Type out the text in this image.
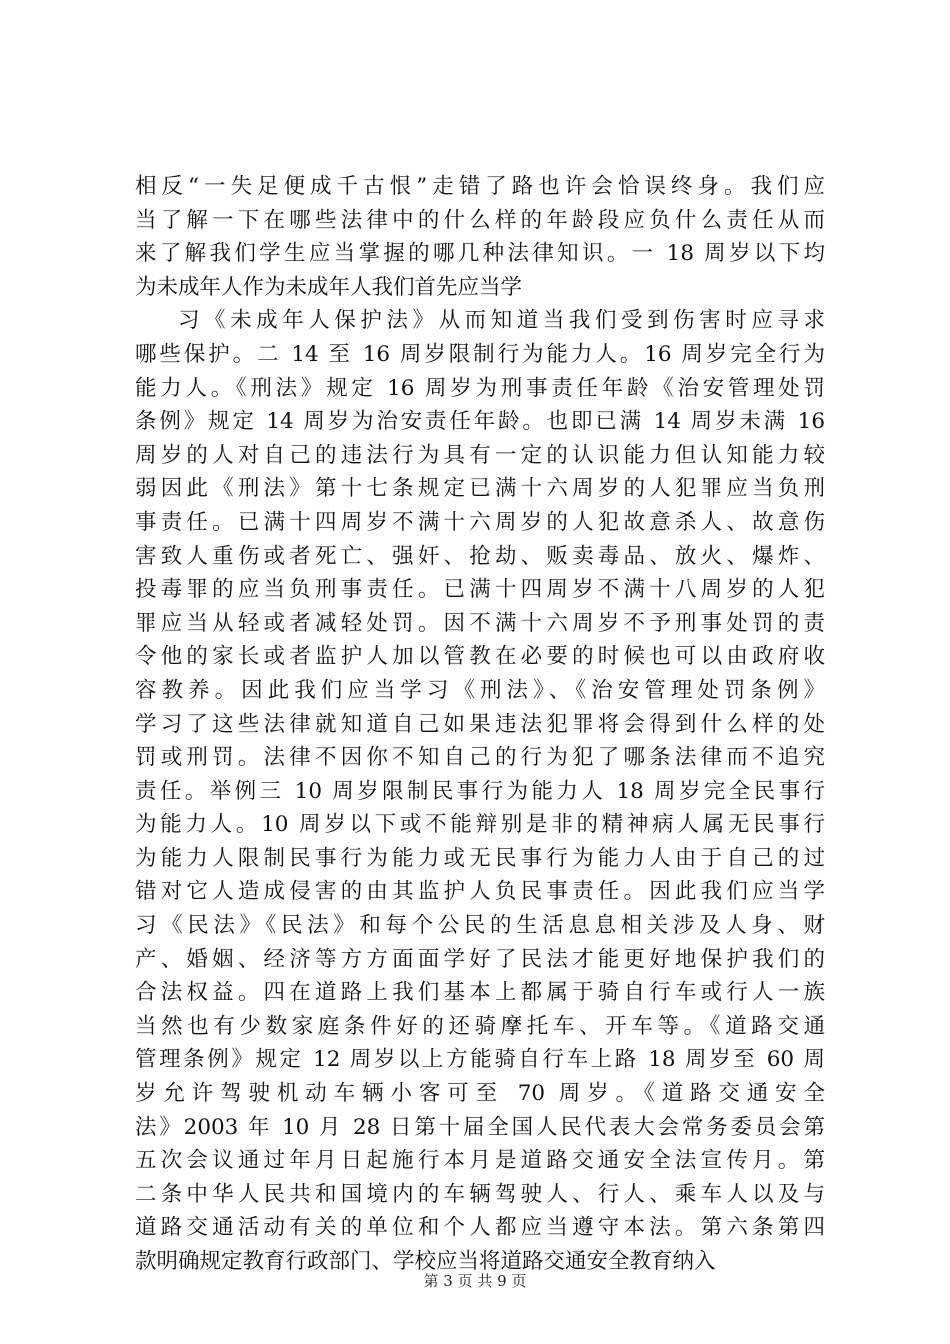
相反“一失足便成千古恨”走错了路也许会恰误终身。我们应
当了解一下在哪些法律中的什么样的年龄段应负什么责任从而
来了解我们学生应当掌握的哪几种法律知识。一 18 周岁以下均
为未成年人作为未成年人我们首先应当学
习《未成年人保护法》从而知道当我们受到伤害时应寻求
哪些保护。二 14 至 16 周岁限制行为能力人。16 周岁完全行为
能力人。《刑法》规定 16 周岁为刑事责任年龄《治安管理处罚
条例》规定 14 周岁为治安责任年龄。也即已满 14 周岁未满 16
周岁的人对自己的违法行为具有一定的认识能力但认知能力较
弱因此《刑法》第十七条规定已满十六周岁的人犯罪应当负刑
事责任。已满十四周岁不满十六周岁的人犯故意杀人、故意伤
害致人重伤或者死亡、强奸、抢劫、贩卖毒品、放火、爆炸、
投毒罪的应当负刑事责任。已满十四周岁不满十八周岁的人犯
罪应当从轻或者减轻处罚。因不满十六周岁不予刑事处罚的责
令他的家长或者监护人加以管教在必要的时候也可以由政府收
容教养。因此我们应当学习《刑法》、《治安管理处罚条例》
学习了这些法律就知道自己如果违法犯罪将会得到什么样的处
罚或刑罚。法律不因你不知自己的行为犯了哪条法律而不追究
责任。举例三 10 周岁限制民事行为能力人 18 周岁完全民事行
为能力人。10 周岁以下或不能辩别是非的精神病人属无民事行
为能力人限制民事行为能力或无民事行为能力人由于自己的过
错对它人造成侵害的由其监护人负民事责任。因此我们应当学
习《民法》《民法》和每个公民的生活息息相关涉及人身、财
产、婚姻、经济等方方面面学好了民法才能更好地保护我们的
合法权益。四在道路上我们基本上都属于骑自行车或行人一族
当然也有少数家庭条件好的还骑摩托车、开车等。《道路交通
管理条例》规定 12 周岁以上方能骑自行车上路 18 周岁至 60 周
岁允许驾驶机动车辆小客可至 70 周岁。《道路交通安全
法》2003 年 10 月 28 日第十届全国人民代表大会常务委员会第
五次会议通过年月日起施行本月是道路交通安全法宣传月。第
二条中华人民共和国境内的车辆驾驶人、行人、乘车人以及与
道路交通活动有关的单位和个人都应当遵守本法。第六条第四
款明确规定教育行政部门、学校应当将道路交通安全教育纳入
第 3 页 共 9 页
